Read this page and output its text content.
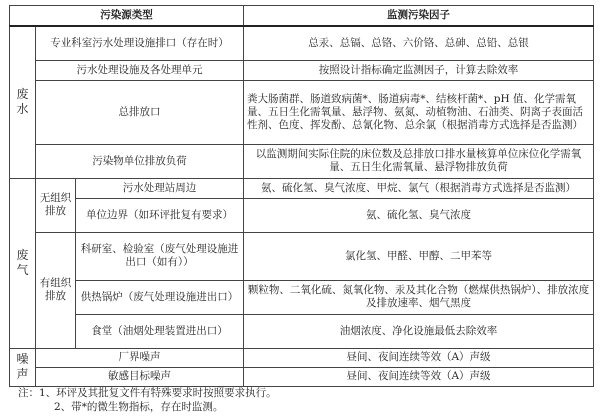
污染源类型			监测污染因子
废水	专业科室污水处理设施排口（存在时）		总汞、总镉、总铬、六价铬、总砷、总铅、总银
	污水处理设施及各处理单元		按照设计指标确定监测因子，计算去除效率
	总排放口		粪大肠菌群、肠道致病菌*、肠道病毒*、结核杆菌*、pH 值、化学需氧量、五日生化需氧量、悬浮物、氨氮、动植物油、石油类、阴离子表面活性剂、色度、挥发酚、总氰化物、总余氯（根据消毒方式选择是否监测）
	污染物单位排放负荷		以监测期间实际住院的床位数及总排放口排水量核算单位床位化学需氧量、五日生化需氧量、悬浮物排放负荷
废气	无组织排放	污水处理站周边	氨、硫化氢、臭气浓度、甲烷、氯气（根据消毒方式选择是否监测）
		单位边界（如环评批复有要求）	氨、硫化氢、臭气浓度
	有组织排放	科研室、检验室（废气处理设施进出口（如有））	氯化氢、甲醛、甲醇、二甲苯等
		供热锅炉（废气处理设施进出口）	颗粒物、二氧化硫、氮氧化物、汞及其化合物（燃煤供热锅炉）、排放浓度及排放速率、烟气黑度
		食堂（油烟处理装置进出口）	油烟浓度、净化设施最低去除效率
噪声	厂界噪声		昼间、夜间连续等效（A）声级
	敏感目标噪声		昼间、夜间连续等效（A）声级
注：1、环评及其批复文件有特殊要求时按照要求执行。
2、带*的微生物指标，存在时监测。
